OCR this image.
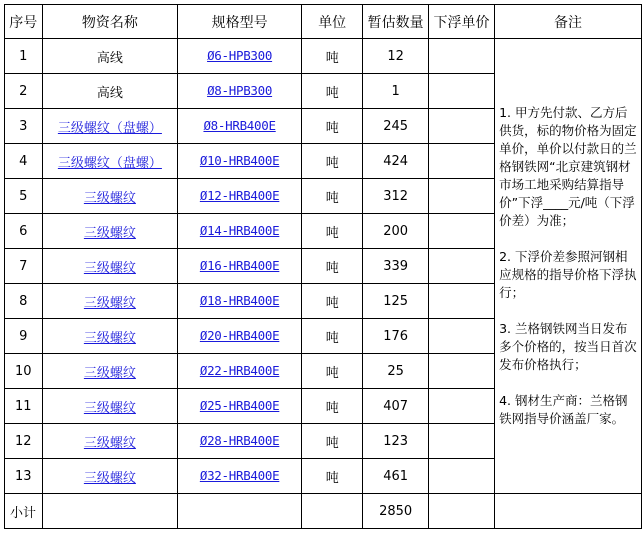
序号	物资名称	规格型号	单位	暂估数量	下浮单价	备注
1	高线	Ø6-HPB300	吨	12		1. 甲方先付款、乙方后供货，标的物价格为固定单价，单价以付款日的兰格钢铁网“北京建筑钢材市场工地采购结算指导价”下浮____元/吨（下浮价差）为准；

2. 下浮价差参照河钢相应规格的指导价格下浮执行；

3. 兰格钢铁网当日发布多个价格的，按当日首次发布价格执行；

4. 钢材生产商：兰格钢铁网指导价涵盖厂家。

2	高线	Ø8-HPB300	吨	1		
3	三级螺纹（盘螺）	Ø8-HRB400E	吨	245		
4	三级螺纹（盘螺）	Ø10-HRB400E	吨	424		
5	三级螺纹	Ø12-HRB400E	吨	312		
6	三级螺纹	Ø14-HRB400E	吨	200		
7	三级螺纹	Ø16-HRB400E	吨	339		
8	三级螺纹	Ø18-HRB400E	吨	125		
9	三级螺纹	Ø20-HRB400E	吨	176		
10	三级螺纹	Ø22-HRB400E	吨	25		
11	三级螺纹	Ø25-HRB400E	吨	407		
12	三级螺纹	Ø28-HRB400E	吨	123		
13	三级螺纹	Ø32-HRB400E	吨	461		
小计				2850		
